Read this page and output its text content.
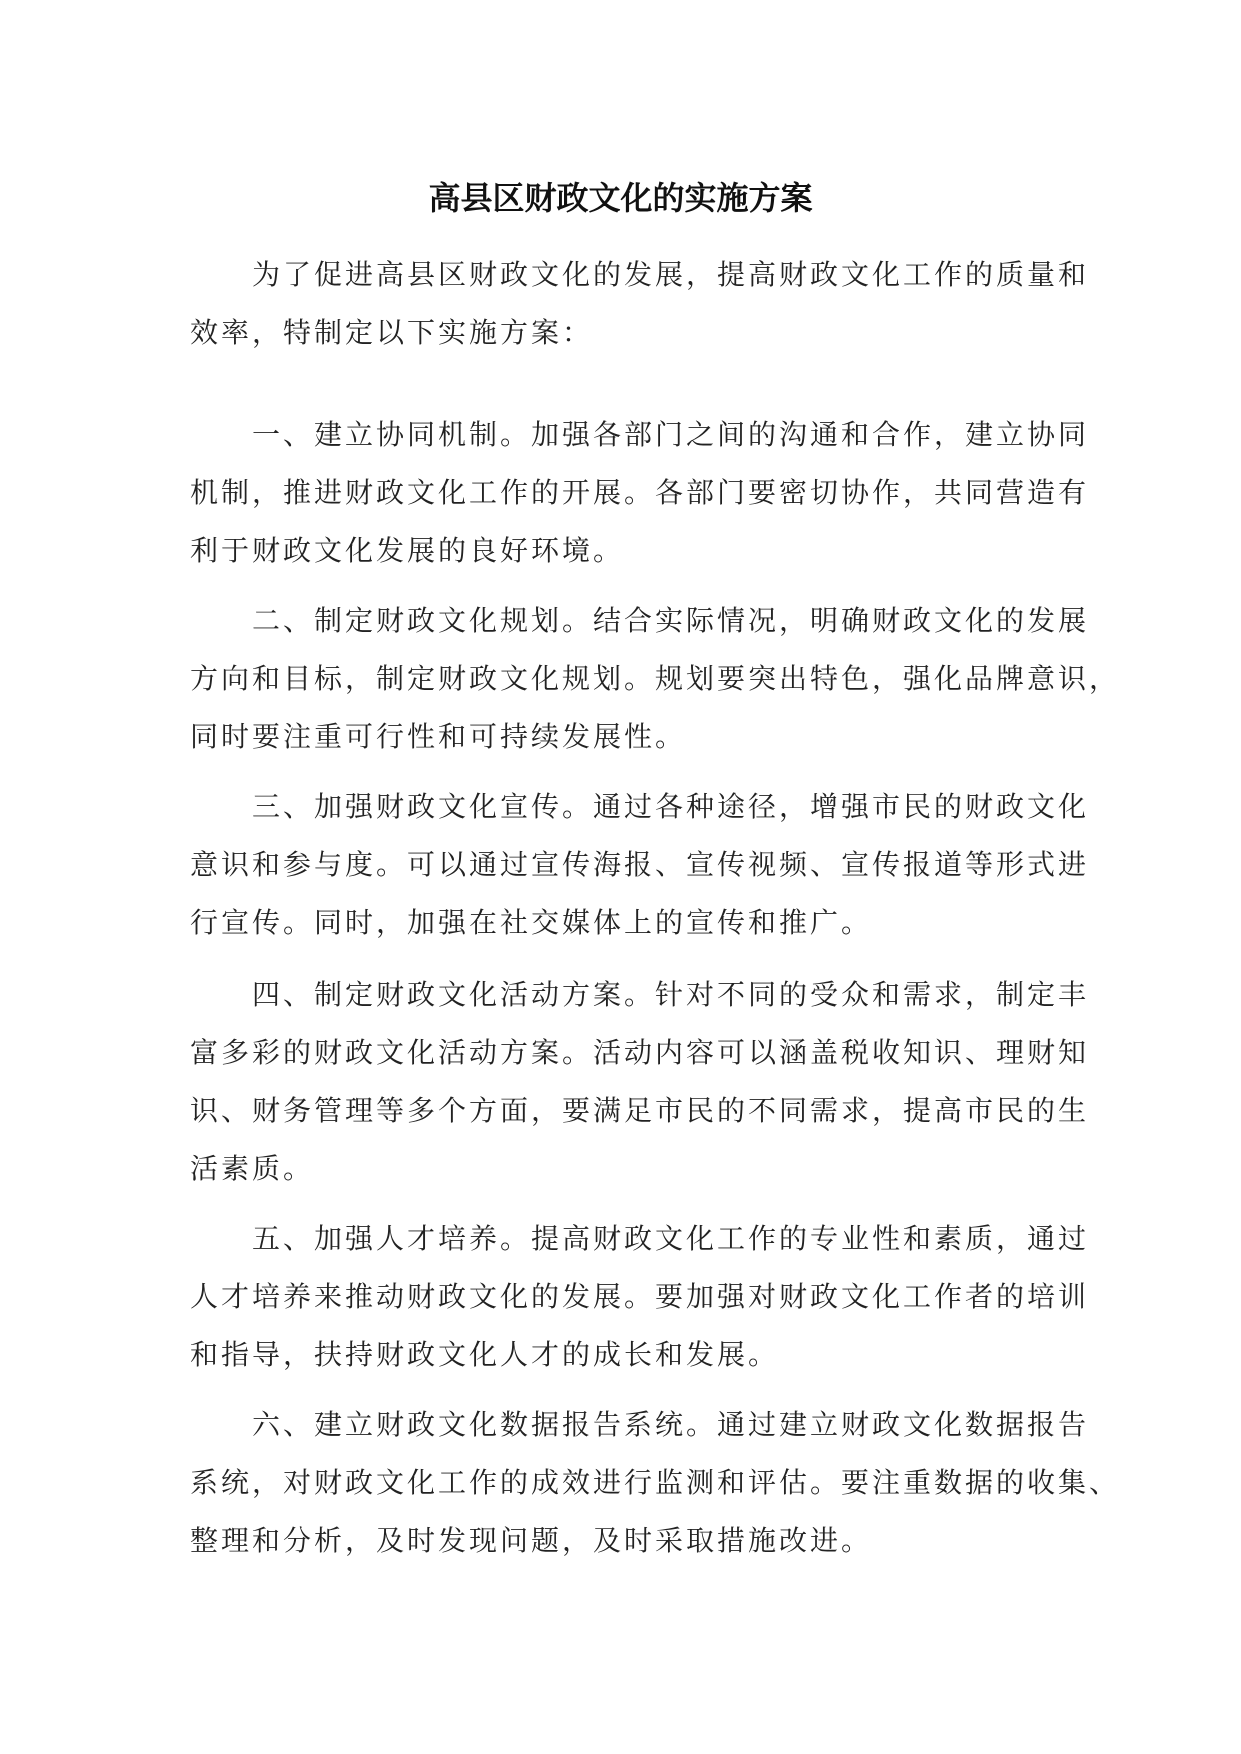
高县区财政文化的实施方案
为了促进高县区财政文化的发展，提高财政文化工作的质量和
效率，特制定以下实施方案：
一、建立协同机制。加强各部门之间的沟通和合作，建立协同
机制，推进财政文化工作的开展。各部门要密切协作，共同营造有
利于财政文化发展的良好环境。
二、制定财政文化规划。结合实际情况，明确财政文化的发展
方向和目标，制定财政文化规划。规划要突出特色，强化品牌意识，
同时要注重可行性和可持续发展性。
三、加强财政文化宣传。通过各种途径，增强市民的财政文化
意识和参与度。可以通过宣传海报、宣传视频、宣传报道等形式进
行宣传。同时，加强在社交媒体上的宣传和推广。
四、制定财政文化活动方案。针对不同的受众和需求，制定丰
富多彩的财政文化活动方案。活动内容可以涵盖税收知识、理财知
识、财务管理等多个方面，要满足市民的不同需求，提高市民的生
活素质。
五、加强人才培养。提高财政文化工作的专业性和素质，通过
人才培养来推动财政文化的发展。要加强对财政文化工作者的培训
和指导，扶持财政文化人才的成长和发展。
六、建立财政文化数据报告系统。通过建立财政文化数据报告
系统，对财政文化工作的成效进行监测和评估。要注重数据的收集、
整理和分析，及时发现问题，及时采取措施改进。
